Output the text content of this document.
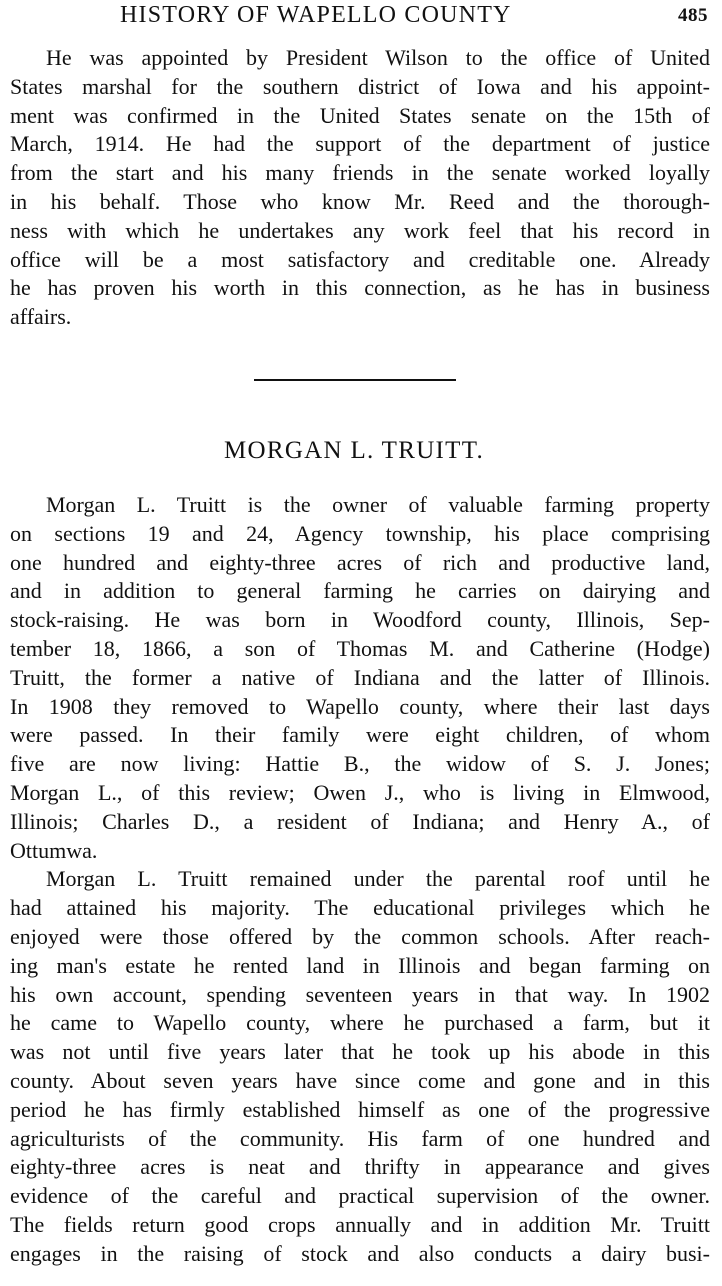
HISTORY OF WAPELLO COUNTY	485
He was appointed by President Wilson to the office of United
States marshal for the southern district of Iowa and his appoint-
ment was confirmed in the United States senate on the 15th of
March, 1914. He had the support of the department of justice
from the start and his many friends in the senate worked loyally
in his behalf. Those who know Mr. Reed and the thorough-
ness with which he undertakes any work feel that his record in
office will be a most satisfactory and creditable one. Already
he has proven his worth in this connection, as he has in business
affairs.
MORGAN L. TRUITT.
Morgan L. Truitt is the owner of valuable farming property
on sections 19 and 24, Agency township, his place comprising
one hundred and eighty-three acres of rich and productive land,
and in addition to general farming he carries on dairying and
stock-raising. He was born in Woodford county, Illinois, Sep-
tember 18, 1866, a son of Thomas M. and Catherine (Hodge)
Truitt, the former a native of Indiana and the latter of Illinois.
In 1908 they removed to Wapello county, where their last days
were passed. In their family were eight children, of whom
five are now living: Hattie B., the widow of S. J. Jones;
Morgan L., of this review; Owen J., who is living in Elmwood,
Illinois; Charles D., a resident of Indiana; and Henry A., of
Ottumwa.
Morgan L. Truitt remained under the parental roof until he
had attained his majority. The educational privileges which he
enjoyed were those offered by the common schools. After reach-
ing man's estate he rented land in Illinois and began farming on
his own account, spending seventeen years in that way. In 1902
he came to Wapello county, where he purchased a farm, but it
was not until five years later that he took up his abode in this
county. About seven years have since come and gone and in this
period he has firmly established himself as one of the progressive
agriculturists of the community. His farm of one hundred and
eighty-three acres is neat and thrifty in appearance and gives
evidence of the careful and practical supervision of the owner.
The fields return good crops annually and in addition Mr. Truitt
engages in the raising of stock and also conducts a dairy busi-
